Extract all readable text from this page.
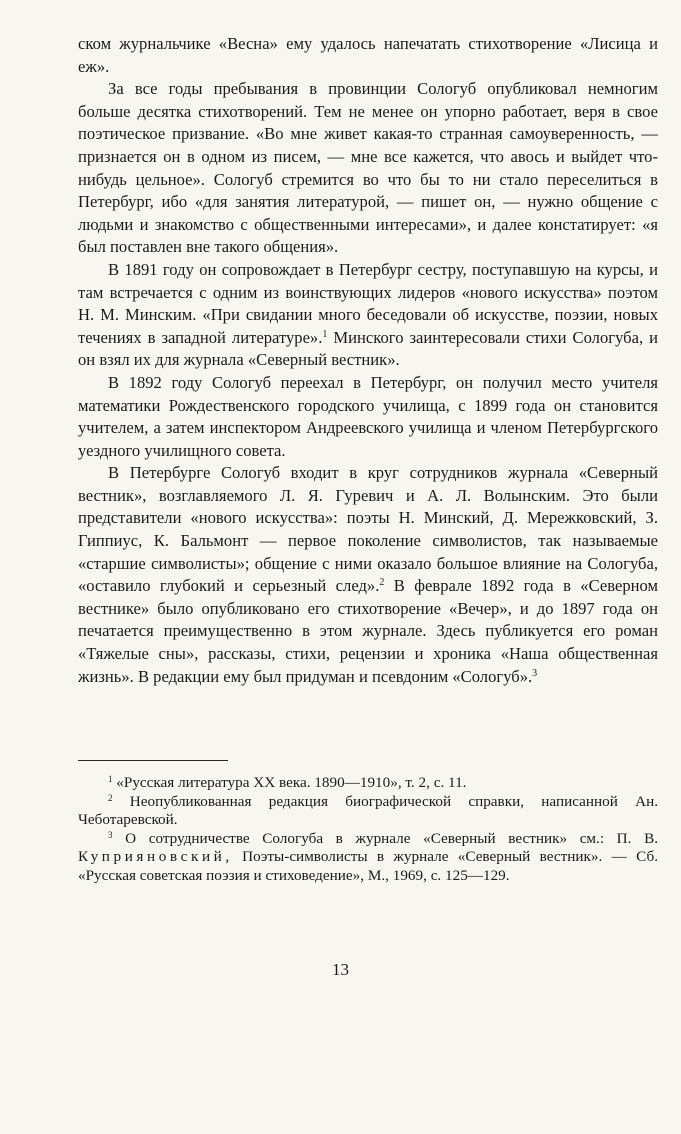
ском журнальчике «Весна» ему удалось напечатать стихотворение «Лисица и еж».

За все годы пребывания в провинции Сологуб опубликовал немногим больше десятка стихотворений. Тем не менее он упорно работает, веря в свое поэтическое призвание. «Во мне живет какая-то странная самоуверенность, — признается он в одном из писем, — мне все кажется, что авось и выйдет что-нибудь цельное». Сологуб стремится во что бы то ни стало переселиться в Петербург, ибо «для занятия литературой, — пишет он, — нужно общение с людьми и знакомство с общественными интересами», и далее констатирует: «я был поставлен вне такого общения».

В 1891 году он сопровождает в Петербург сестру, поступавшую на курсы, и там встречается с одним из воинствующих лидеров «нового искусства» поэтом Н. М. Минским. «При свидании много беседовали об искусстве, поэзии, новых течениях в западной литературе».$^1$ Минского заинтересовали стихи Сологуба, и он взял их для журнала «Северный вестник».

В 1892 году Сологуб переехал в Петербург, он получил место учителя математики Рождественского городского училища, с 1899 года он становится учителем, а затем инспектором Андреевского училища и членом Петербургского уездного училищного совета.

В Петербурге Сологуб входит в круг сотрудников журнала «Северный вестник», возглавляемого Л. Я. Гуревич и А. Л. Волынским. Это были представители «нового искусства»: поэты Н. Минский, Д. Мережковский, З. Гиппиус, К. Бальмонт — первое поколение символистов, так называемые «старшие символисты»; общение с ними оказало большое влияние на Сологуба, «оставило глубокий и серьезный след».$^2$ В феврале 1892 года в «Северном вестнике» было опубликовано его стихотворение «Вечер», и до 1897 года он печатается преимущественно в этом журнале. Здесь публикуется его роман «Тяжелые сны», рассказы, стихи, рецензии и хроника «Наша общественная жизнь». В редакции ему был придуман и псевдоним «Сологуб».$^3$

$^1$ «Русская литература XX века. 1890—1910», т. 2, с. 11.

$^2$ Неопубликованная редакция биографической справки, написанной Ан. Чеботаревской.

$^3$ О сотрудничестве Сологуба в журнале «Северный вестник» см.: П. В. Куприяновский, Поэты-символисты в журнале «Северный вестник». — Сб. «Русская советская поэзия и стиховедение», М., 1969, с. 125—129.

13
